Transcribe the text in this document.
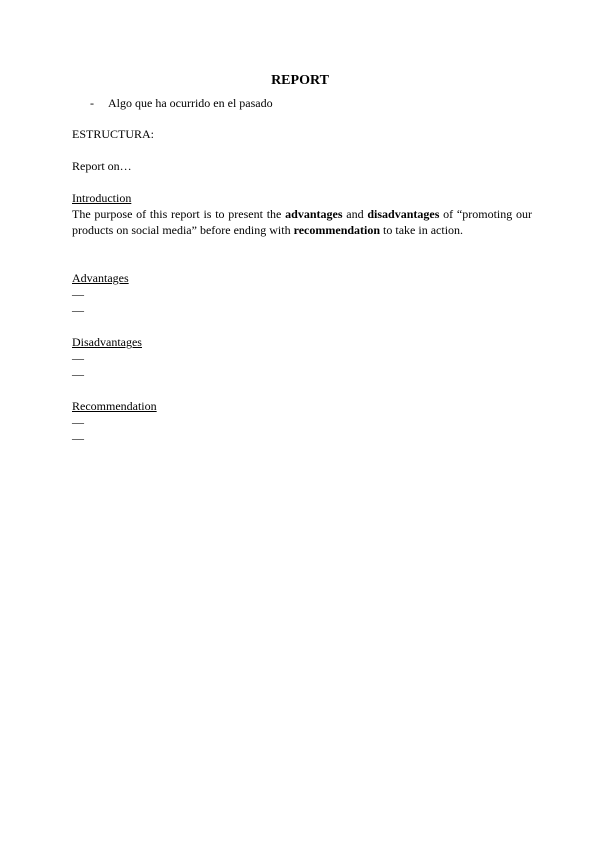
REPORT
- Algo que ha ocurrido en el pasado
ESTRUCTURA:
Report on…
Introduction
The purpose of this report is to present the advantages and disadvantages of “promoting our products on social media” before ending with recommendation to take in action.
Advantages
—
—
Disadvantages
—
—
Recommendation
—
—
